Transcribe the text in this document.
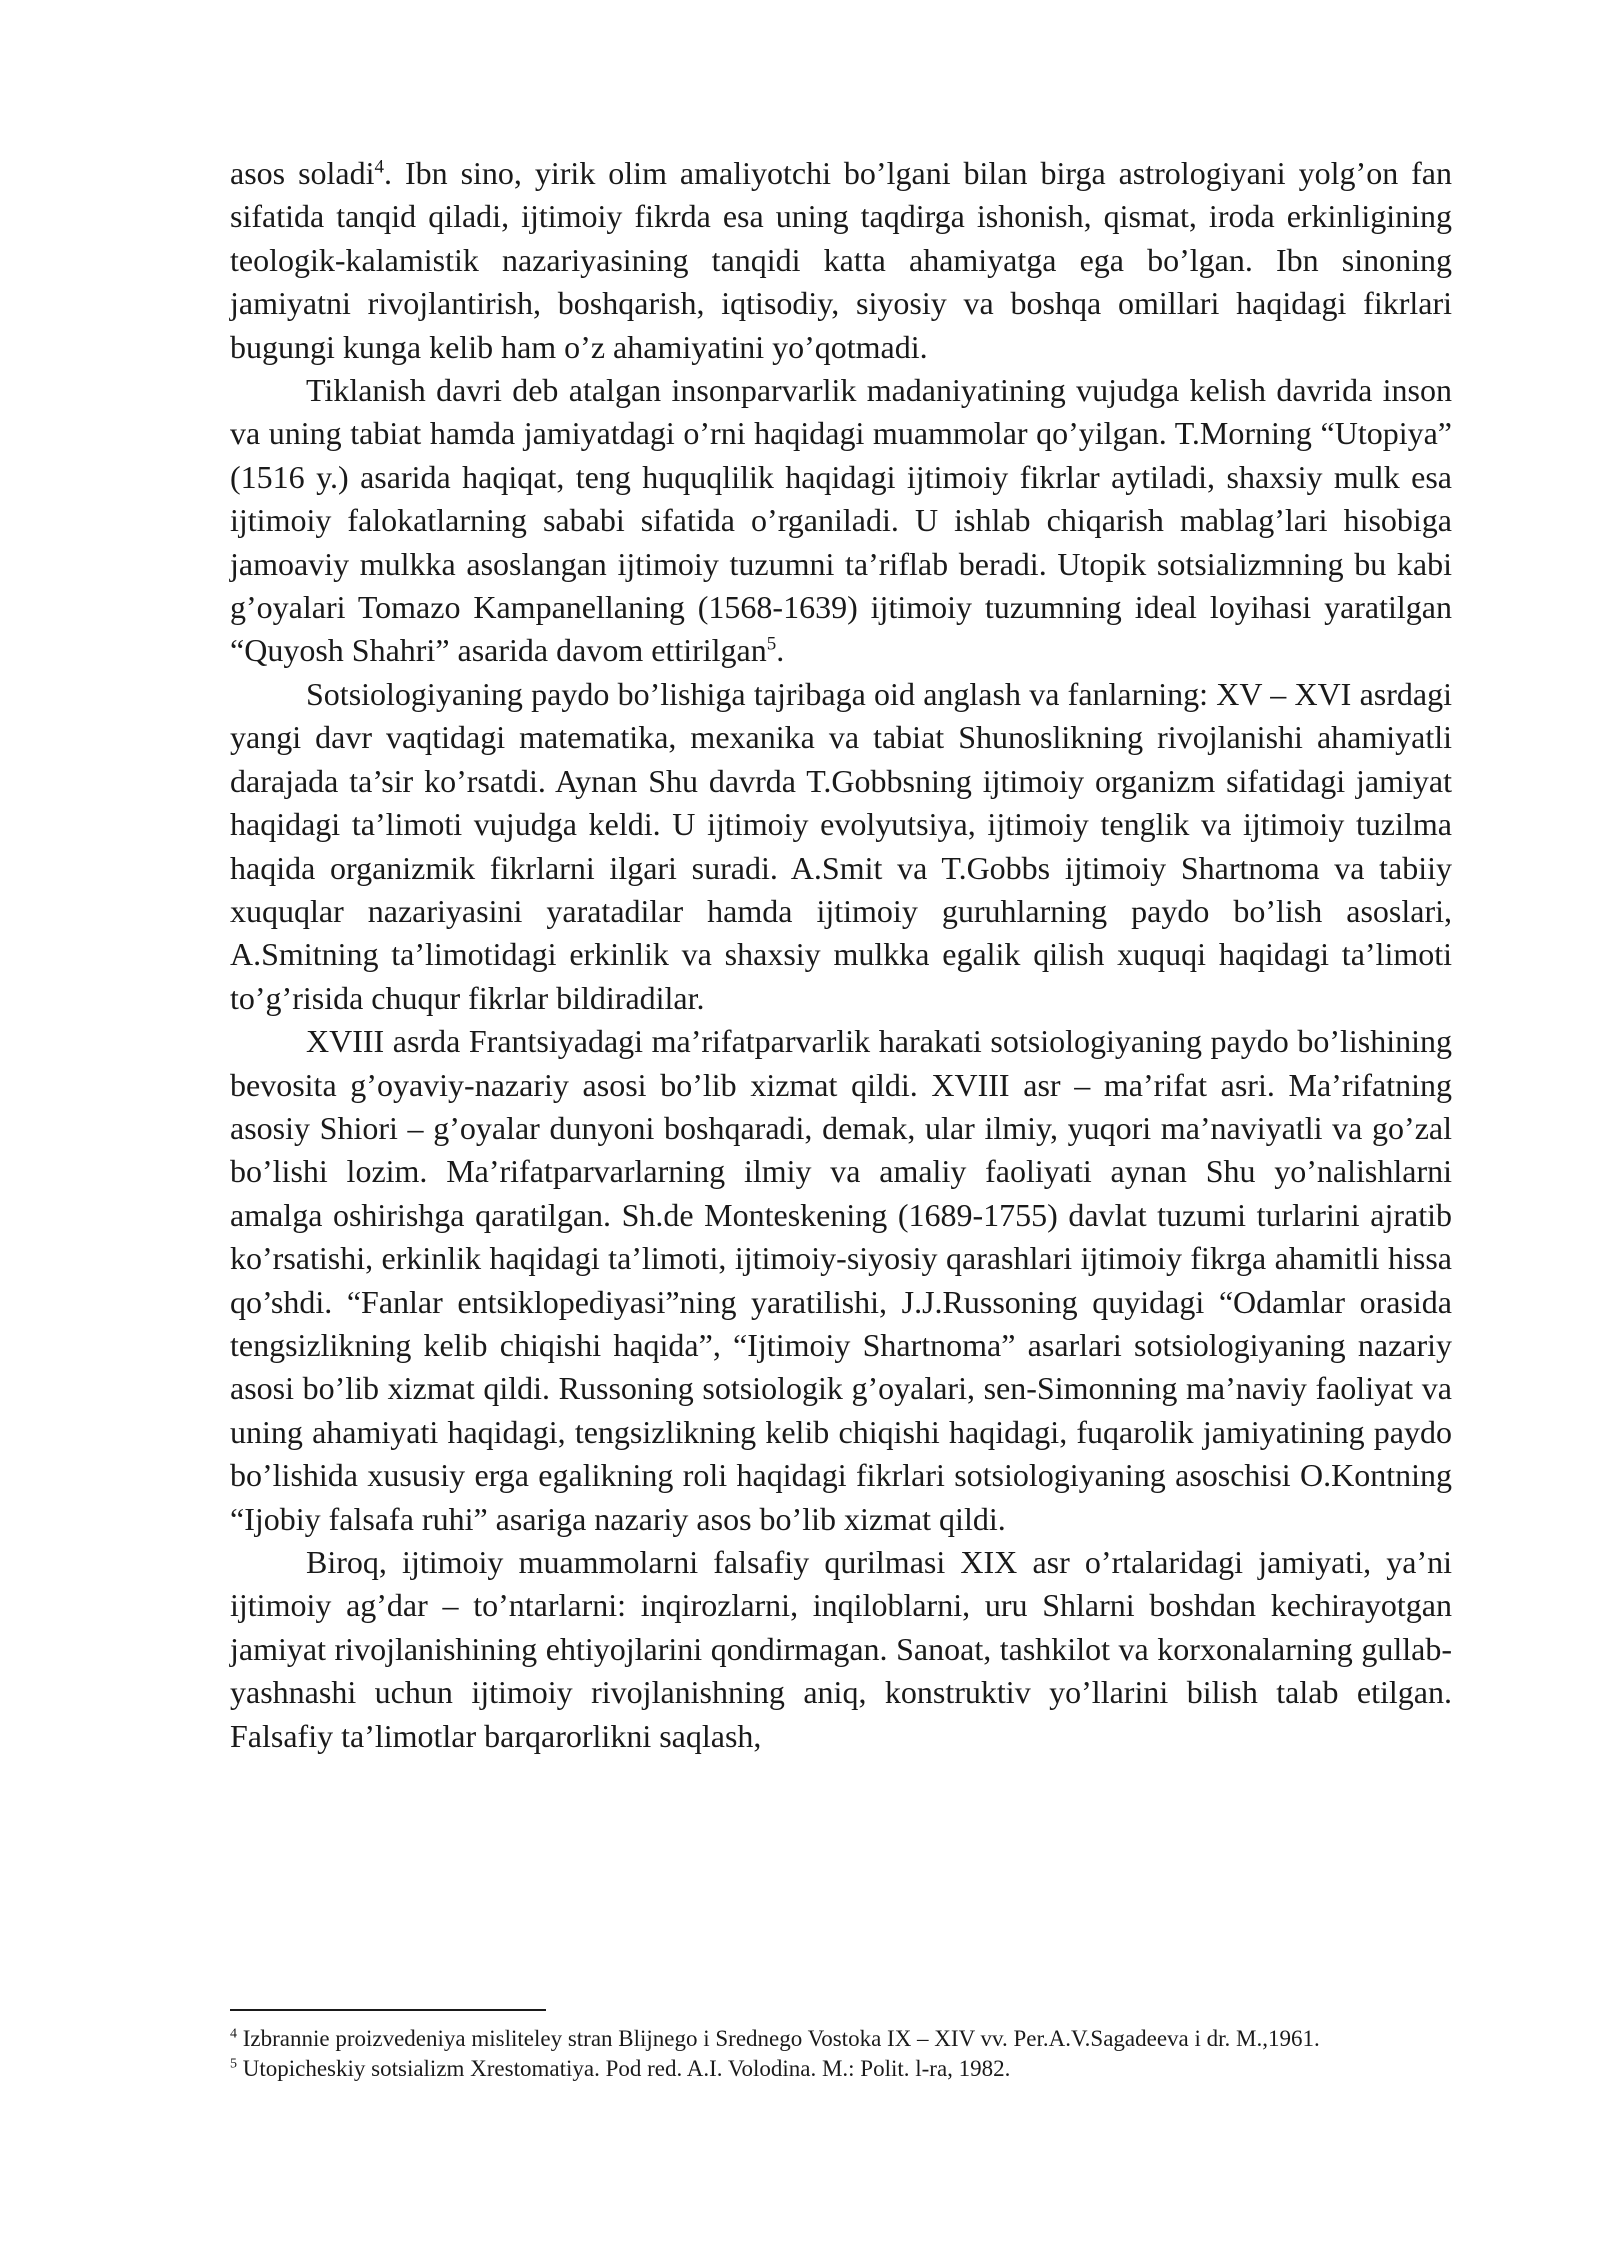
asos soladi$^4$. Ibn sino, yirik olim amaliyotchi bo’lgani bilan birga astrologiyani yolg’on fan sifatida tanqid qiladi, ijtimoiy fikrda esa uning taqdirga ishonish, qismat, iroda erkinligining teologik-kalamistik nazariyasining tanqidi katta ahamiyatga ega bo’lgan. Ibn sinoning jamiyatni rivojlantirish, boshqarish, iqtisodiy, siyosiy va boshqa omillari haqidagi fikrlari bugungi kunga kelib ham o’z ahamiyatini yo’qotmadi.

Tiklanish davri deb atalgan insonparvarlik madaniyatining vujudga kelish davrida inson va uning tabiat hamda jamiyatdagi o’rni haqidagi muammolar qo’yilgan. T.Morning “Utopiya” (1516 y.) asarida haqiqat, teng huquqlilik haqidagi ijtimoiy fikrlar aytiladi, shaxsiy mulk esa ijtimoiy falokatlarning sababi sifatida o’rganiladi. U ishlab chiqarish mablag’lari hisobiga jamoaviy mulkka asoslangan ijtimoiy tuzumni ta’riflab beradi. Utopik sotsializmning bu kabi g’oyalari Tomazo Kampanellaning (1568-1639) ijtimoiy tuzumning ideal loyihasi yaratilgan “Quyosh Shahri” asarida davom ettirilgan$^5$.

Sotsiologiyaning paydo bo’lishiga tajribaga oid anglash va fanlarning: XV – XVI asrdagi yangi davr vaqtidagi matematika, mexanika va tabiat Shunoslikning rivojlanishi ahamiyatli darajada ta’sir ko’rsatdi. Aynan Shu davrda T.Gobbsning ijtimoiy organizm sifatidagi jamiyat haqidagi ta’limoti vujudga keldi. U ijtimoiy evolyutsiya, ijtimoiy tenglik va ijtimoiy tuzilma haqida organizmik fikrlarni ilgari suradi. A.Smit va T.Gobbs ijtimoiy Shartnoma va tabiiy xuquqlar nazariyasini yaratadilar hamda ijtimoiy guruhlarning paydo bo’lish asoslari, A.Smitning ta’limotidagi erkinlik va shaxsiy mulkka egalik qilish xuquqi haqidagi ta’limoti to’g’risida chuqur fikrlar bildiradilar.

XVIII asrda Frantsiyadagi ma’rifatparvarlik harakati sotsiologiyaning paydo bo’lishining bevosita g’oyaviy-nazariy asosi bo’lib xizmat qildi. XVIII asr – ma’rifat asri. Ma’rifatning asosiy Shiori – g’oyalar dunyoni boshqaradi, demak, ular ilmiy, yuqori ma’naviyatli va go’zal bo’lishi lozim. Ma’rifatparvarlarning ilmiy va amaliy faoliyati aynan Shu yo’nalishlarni amalga oshirishga qaratilgan. Sh.de Monteskening (1689-1755) davlat tuzumi turlarini ajratib ko’rsatishi, erkinlik haqidagi ta’limoti, ijtimoiy-siyosiy qarashlari ijtimoiy fikrga ahamitli hissa qo’shdi. “Fanlar entsiklopediyasi”ning yaratilishi, J.J.Russoning quyidagi “Odamlar orasida tengsizlikning kelib chiqishi haqida”, “Ijtimoiy Shartnoma” asarlari sotsiologiyaning nazariy asosi bo’lib xizmat qildi. Russoning sotsiologik g’oyalari, sen-Simonning ma’naviy faoliyat va uning ahamiyati haqidagi, tengsizlikning kelib chiqishi haqidagi, fuqarolik jamiyatining paydo bo’lishida xususiy erga egalikning roli haqidagi fikrlari sotsiologiyaning asoschisi O.Kontning “Ijobiy falsafa ruhi” asariga nazariy asos bo’lib xizmat qildi.

Biroq, ijtimoiy muammolarni falsafiy qurilmasi XIX asr o’rtalaridagi jamiyati, ya’ni ijtimoiy ag’dar – to’ntarlarni: inqirozlarni, inqiloblarni, uru Shlarni boshdan kechirayotgan jamiyat rivojlanishining ehtiyojlarini qondirmagan. Sanoat, tashkilot va korxonalarning gullab-yashnashi uchun ijtimoiy rivojlanishning aniq, konstruktiv yo’llarini bilish talab etilgan. Falsafiy ta’limotlar barqarorlikni saqlash,

$^4$ Izbrannie proizvedeniya misliteley stran Blijnego i Srednego Vostoka IX – XIV vv. Per.A.V.Sagadeeva i dr. M.,1961.

$^5$ Utopicheskiy sotsializm Xrestomatiya. Pod red. A.I. Volodina. M.: Polit. l-ra, 1982.
